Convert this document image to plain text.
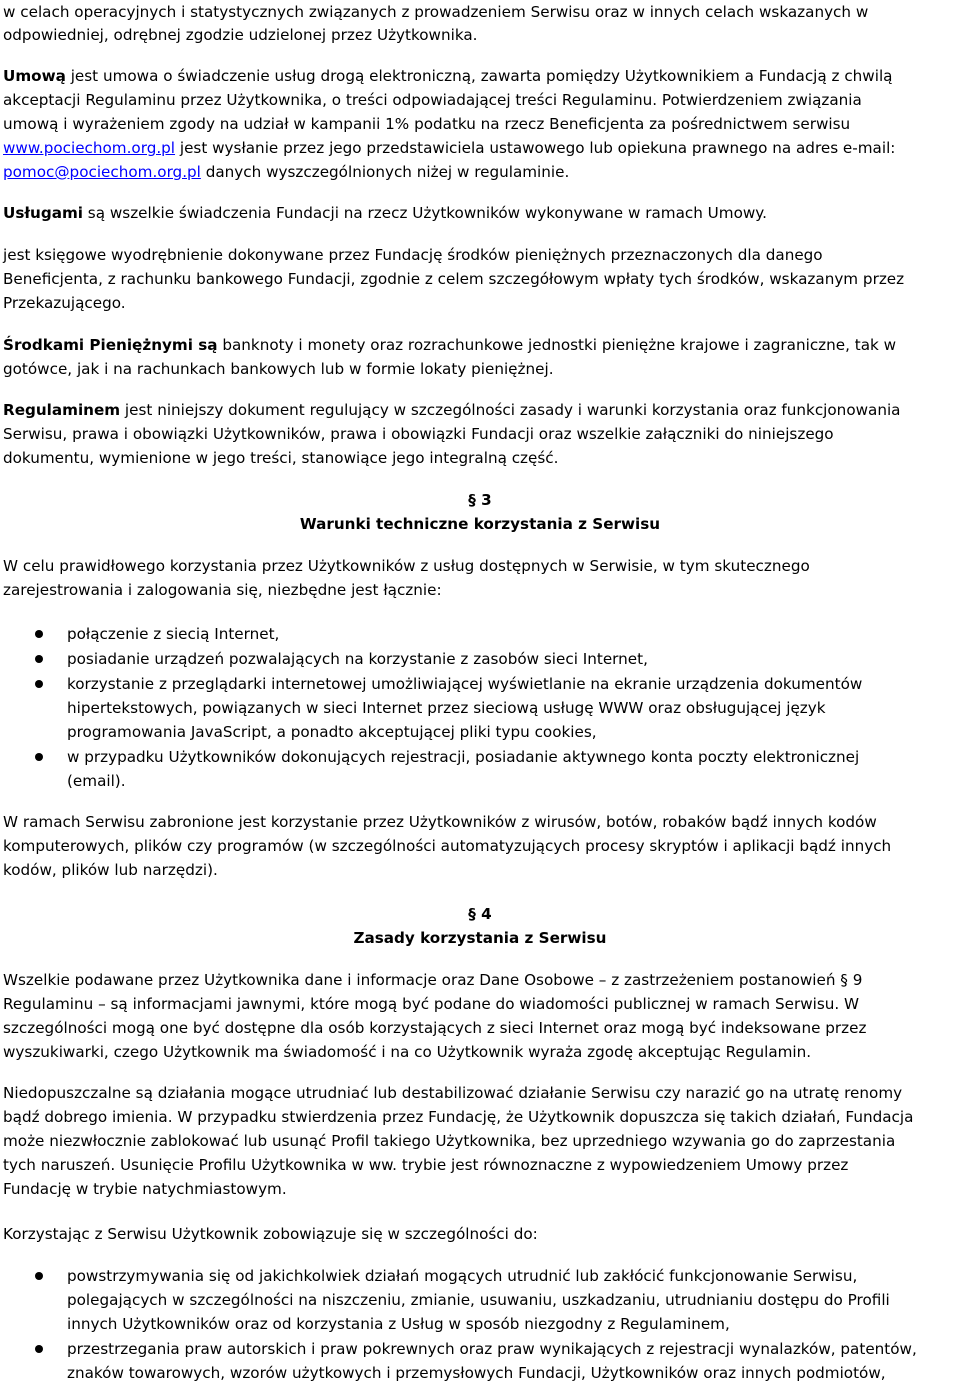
w celach operacyjnych i statystycznych związanych z prowadzeniem Serwisu oraz w innych celach wskazanych w
odpowiedniej, odrębnej zgodzie udzielonej przez Użytkownika.
Umową jest umowa o świadczenie usług drogą elektroniczną, zawarta pomiędzy Użytkownikiem a Fundacją z chwilą
akceptacji Regulaminu przez Użytkownika, o treści odpowiadającej treści Regulaminu. Potwierdzeniem związania
umową i wyrażeniem zgody na udział w kampanii 1% podatku na rzecz Beneficjenta za pośrednictwem serwisu
www.pociechom.org.pl jest wysłanie przez jego przedstawiciela ustawowego lub opiekuna prawnego na adres e-mail:
pomoc@pociechom.org.pl danych wyszczególnionych niżej w regulaminie.
Usługami są wszelkie świadczenia Fundacji na rzecz Użytkowników wykonywane w ramach Umowy.
jest księgowe wyodrębnienie dokonywane przez Fundację środków pieniężnych przeznaczonych dla danego
Beneficjenta, z rachunku bankowego Fundacji, zgodnie z celem szczegółowym wpłaty tych środków, wskazanym przez
Przekazującego.
Środkami Pieniężnymi są banknoty i monety oraz rozrachunkowe jednostki pieniężne krajowe i zagraniczne, tak w
gotówce, jak i na rachunkach bankowych lub w formie lokaty pieniężnej.
Regulaminem jest niniejszy dokument regulujący w szczególności zasady i warunki korzystania oraz funkcjonowania
Serwisu, prawa i obowiązki Użytkowników, prawa i obowiązki Fundacji oraz wszelkie załączniki do niniejszego
dokumentu, wymienione w jego treści, stanowiące jego integralną część.
§ 3
Warunki techniczne korzystania z Serwisu
W celu prawidłowego korzystania przez Użytkowników z usług dostępnych w Serwisie, w tym skutecznego
zarejestrowania i zalogowania się, niezbędne jest łącznie:
połączenie z siecią Internet,
posiadanie urządzeń pozwalających na korzystanie z zasobów sieci Internet,
korzystanie z przeglądarki internetowej umożliwiającej wyświetlanie na ekranie urządzenia dokumentów
hipertekstowych, powiązanych w sieci Internet przez sieciową usługę WWW oraz obsługującej język
programowania JavaScript, a ponadto akceptującej pliki typu cookies,
w przypadku Użytkowników dokonujących rejestracji, posiadanie aktywnego konta poczty elektronicznej
(email).
W ramach Serwisu zabronione jest korzystanie przez Użytkowników z wirusów, botów, robaków bądź innych kodów
komputerowych, plików czy programów (w szczególności automatyzujących procesy skryptów i aplikacji bądź innych
kodów, plików lub narzędzi).
§ 4
Zasady korzystania z Serwisu
Wszelkie podawane przez Użytkownika dane i informacje oraz Dane Osobowe – z zastrzeżeniem postanowień § 9
Regulaminu – są informacjami jawnymi, które mogą być podane do wiadomości publicznej w ramach Serwisu. W
szczególności mogą one być dostępne dla osób korzystających z sieci Internet oraz mogą być indeksowane przez
wyszukiwarki, czego Użytkownik ma świadomość i na co Użytkownik wyraża zgodę akceptując Regulamin.
Niedopuszczalne są działania mogące utrudniać lub destabilizować działanie Serwisu czy narazić go na utratę renomy
bądź dobrego imienia. W przypadku stwierdzenia przez Fundację, że Użytkownik dopuszcza się takich działań, Fundacja
może niezwłocznie zablokować lub usunąć Profil takiego Użytkownika, bez uprzedniego wzywania go do zaprzestania
tych naruszeń. Usunięcie Profilu Użytkownika w ww. trybie jest równoznaczne z wypowiedzeniem Umowy przez
Fundację w trybie natychmiastowym.
Korzystając z Serwisu Użytkownik zobowiązuje się w szczególności do:
powstrzymywania się od jakichkolwiek działań mogących utrudnić lub zakłócić funkcjonowanie Serwisu,
polegających w szczególności na niszczeniu, zmianie, usuwaniu, uszkadzaniu, utrudnianiu dostępu do Profili
innych Użytkowników oraz od korzystania z Usług w sposób niezgodny z Regulaminem,
przestrzegania praw autorskich i praw pokrewnych oraz praw wynikających z rejestracji wynalazków, patentów,
znaków towarowych, wzorów użytkowych i przemysłowych Fundacji, Użytkowników oraz innych podmiotów,
